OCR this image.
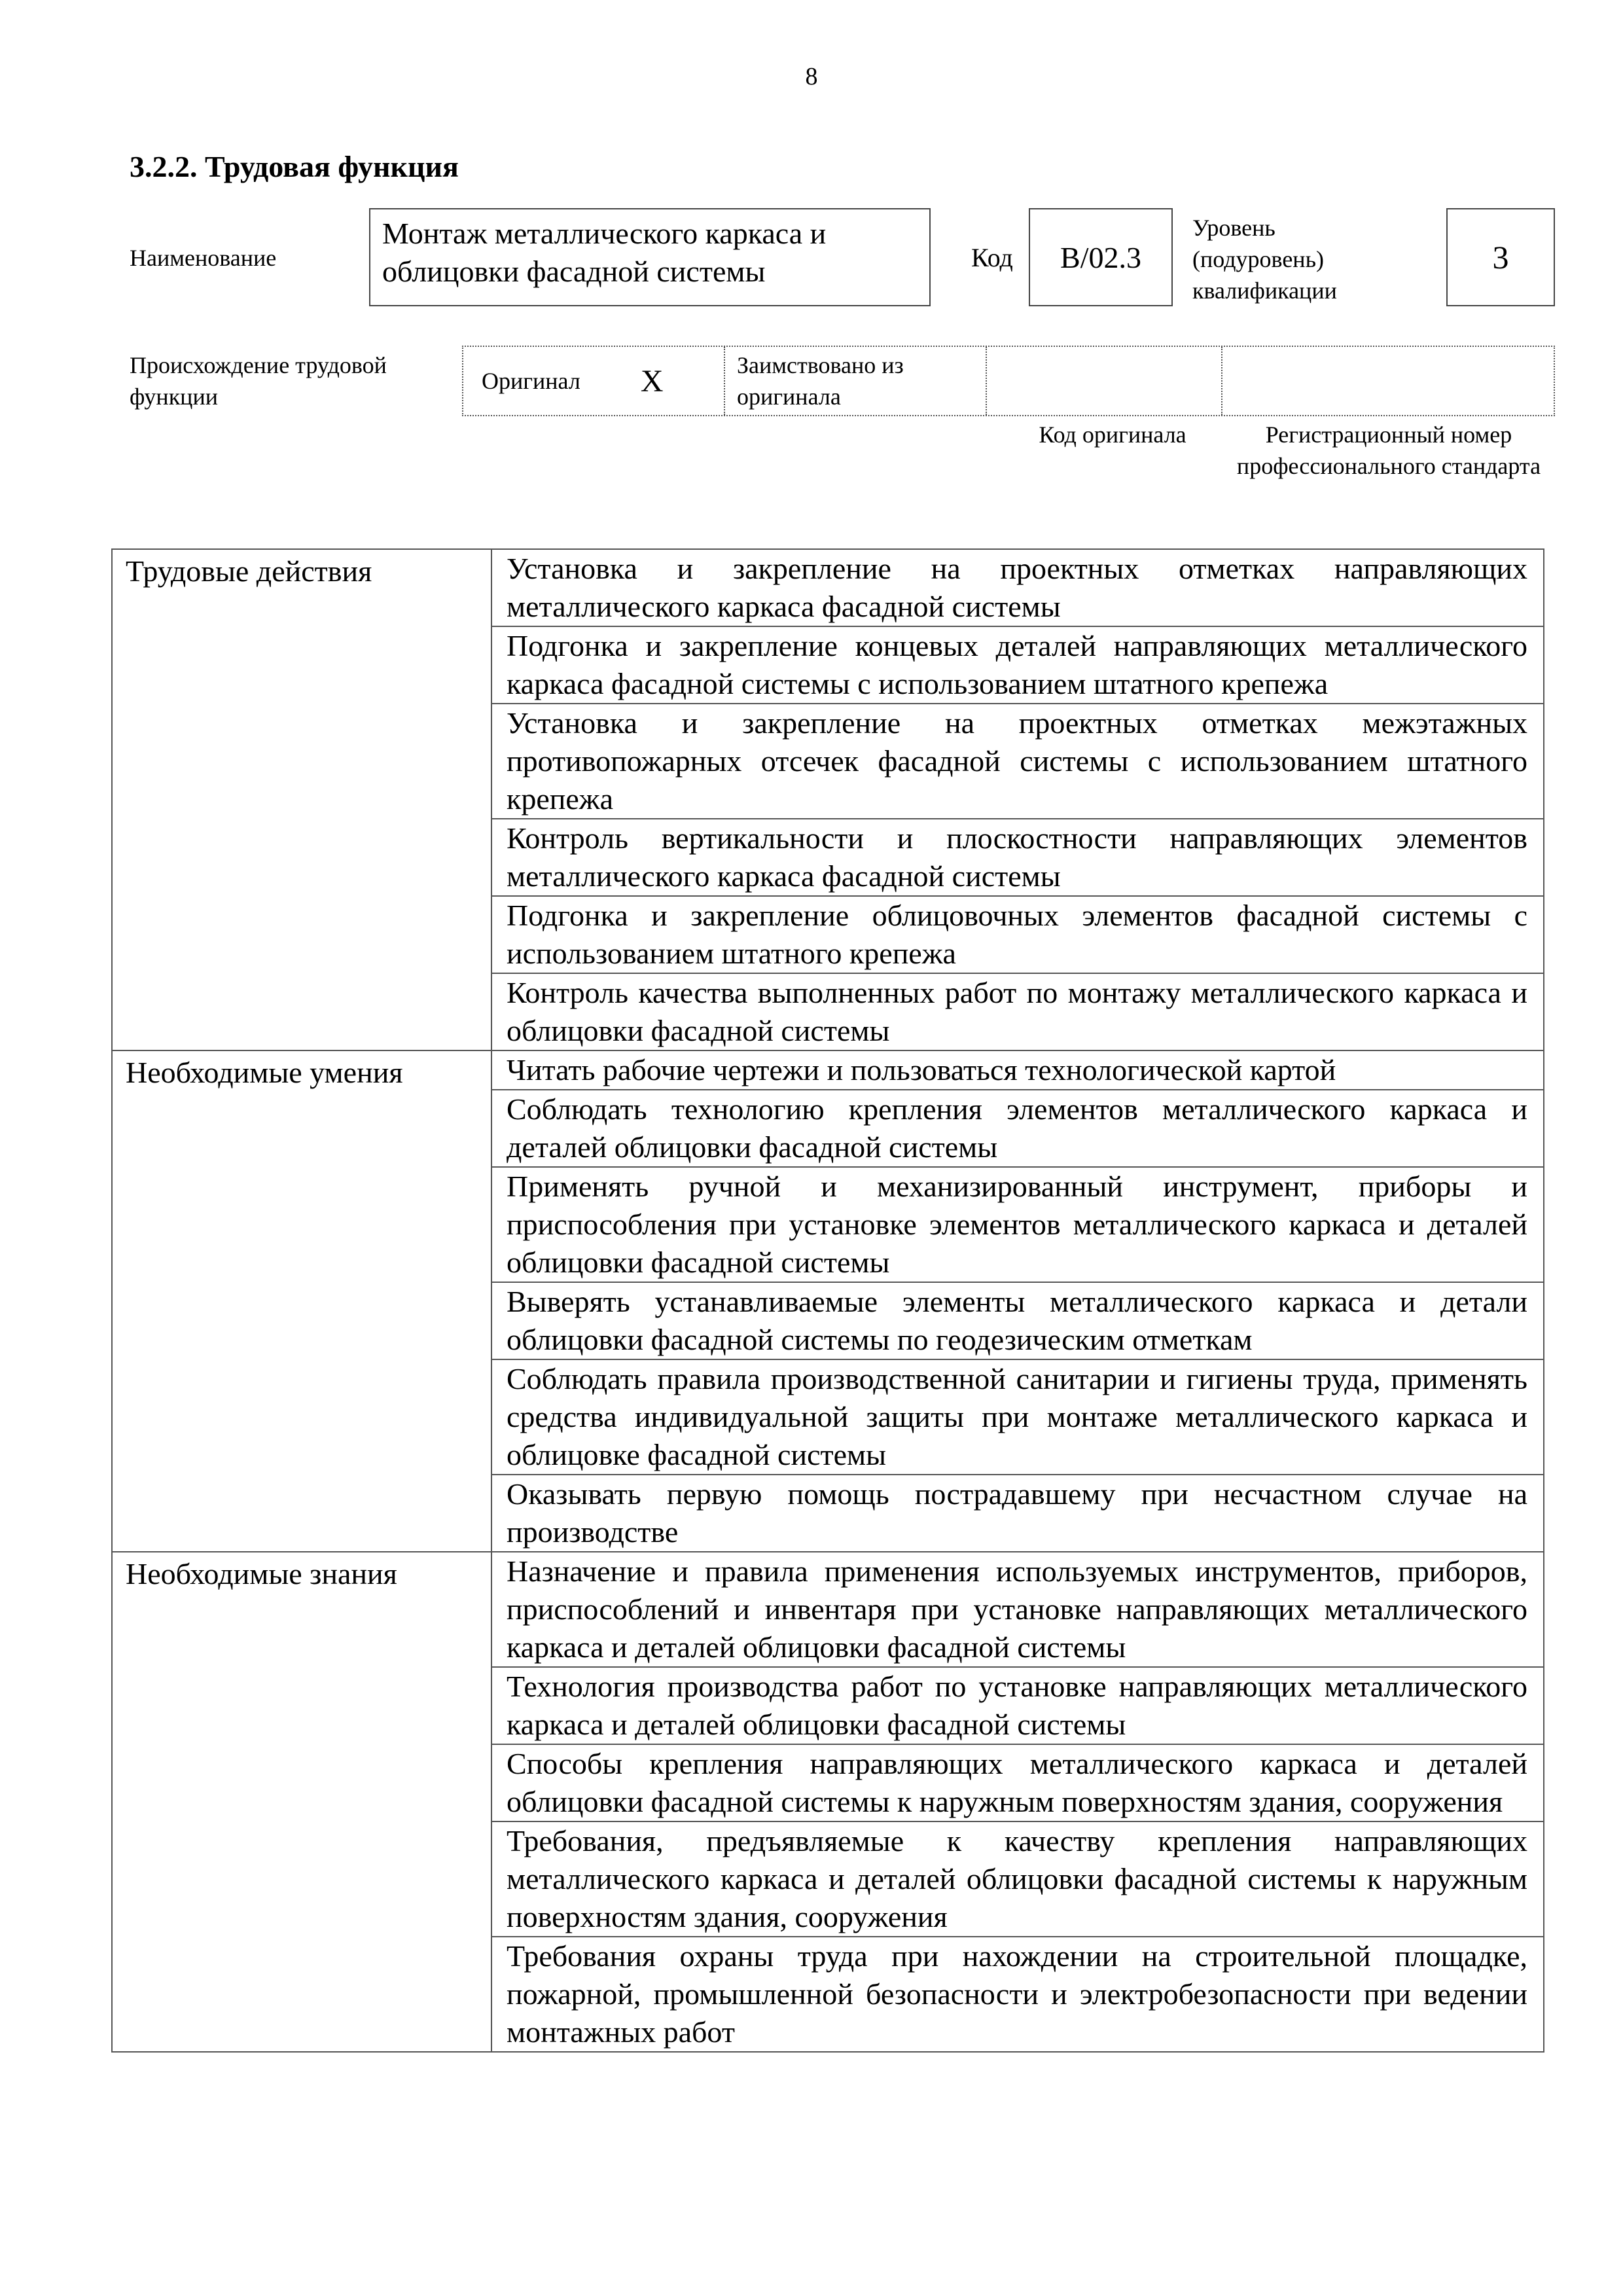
8
3.2.2. Трудовая функция
Наименование
Монтаж металлического каркаса и облицовки фасадной системы	Код	B/02.3
Уровень (подуровень) квалификации
3
Происхождение трудовой функции
Оригинал X	Заимствовано из оригинала
Код оригинала	Регистрационный номер профессионального стандарта
Трудовые действия	Установка и закрепление на проектных отметках направляющих металлического каркаса фасадной системы
	Подгонка и закрепление концевых деталей направляющих металлического каркаса фасадной системы с использованием штатного крепежа
	Установка и закрепление на проектных отметках межэтажных противопожарных отсечек фасадной системы с использованием штатного крепежа
	Контроль вертикальности и плоскостности направляющих элементов металлического каркаса фасадной системы
	Подгонка и закрепление облицовочных элементов фасадной системы с использованием штатного крепежа
	Контроль качества выполненных работ по монтажу металлического каркаса и облицовки фасадной системы
Необходимые умения	Читать рабочие чертежи и пользоваться технологической картой
	Соблюдать технологию крепления элементов металлического каркаса и деталей облицовки фасадной системы
	Применять ручной и механизированный инструмент, приборы и приспособления при установке элементов металлического каркаса и деталей облицовки фасадной системы
	Выверять устанавливаемые элементы металлического каркаса и детали облицовки фасадной системы по геодезическим отметкам
	Соблюдать правила производственной санитарии и гигиены труда, применять средства индивидуальной защиты при монтаже металлического каркаса и облицовке фасадной системы
	Оказывать первую помощь пострадавшему при несчастном случае на производстве
Необходимые знания	Назначение и правила применения используемых инструментов, приборов, приспособлений и инвентаря при установке направляющих металлического каркаса и деталей облицовки фасадной системы
	Технология производства работ по установке направляющих металлического каркаса и деталей облицовки фасадной системы
	Способы крепления направляющих металлического каркаса и деталей облицовки фасадной системы к наружным поверхностям здания, сооружения
	Требования, предъявляемые к качеству крепления направляющих металлического каркаса и деталей облицовки фасадной системы к наружным поверхностям здания, сооружения
	Требования охраны труда при нахождении на строительной площадке, пожарной, промышленной безопасности и электробезопасности при ведении монтажных работ
